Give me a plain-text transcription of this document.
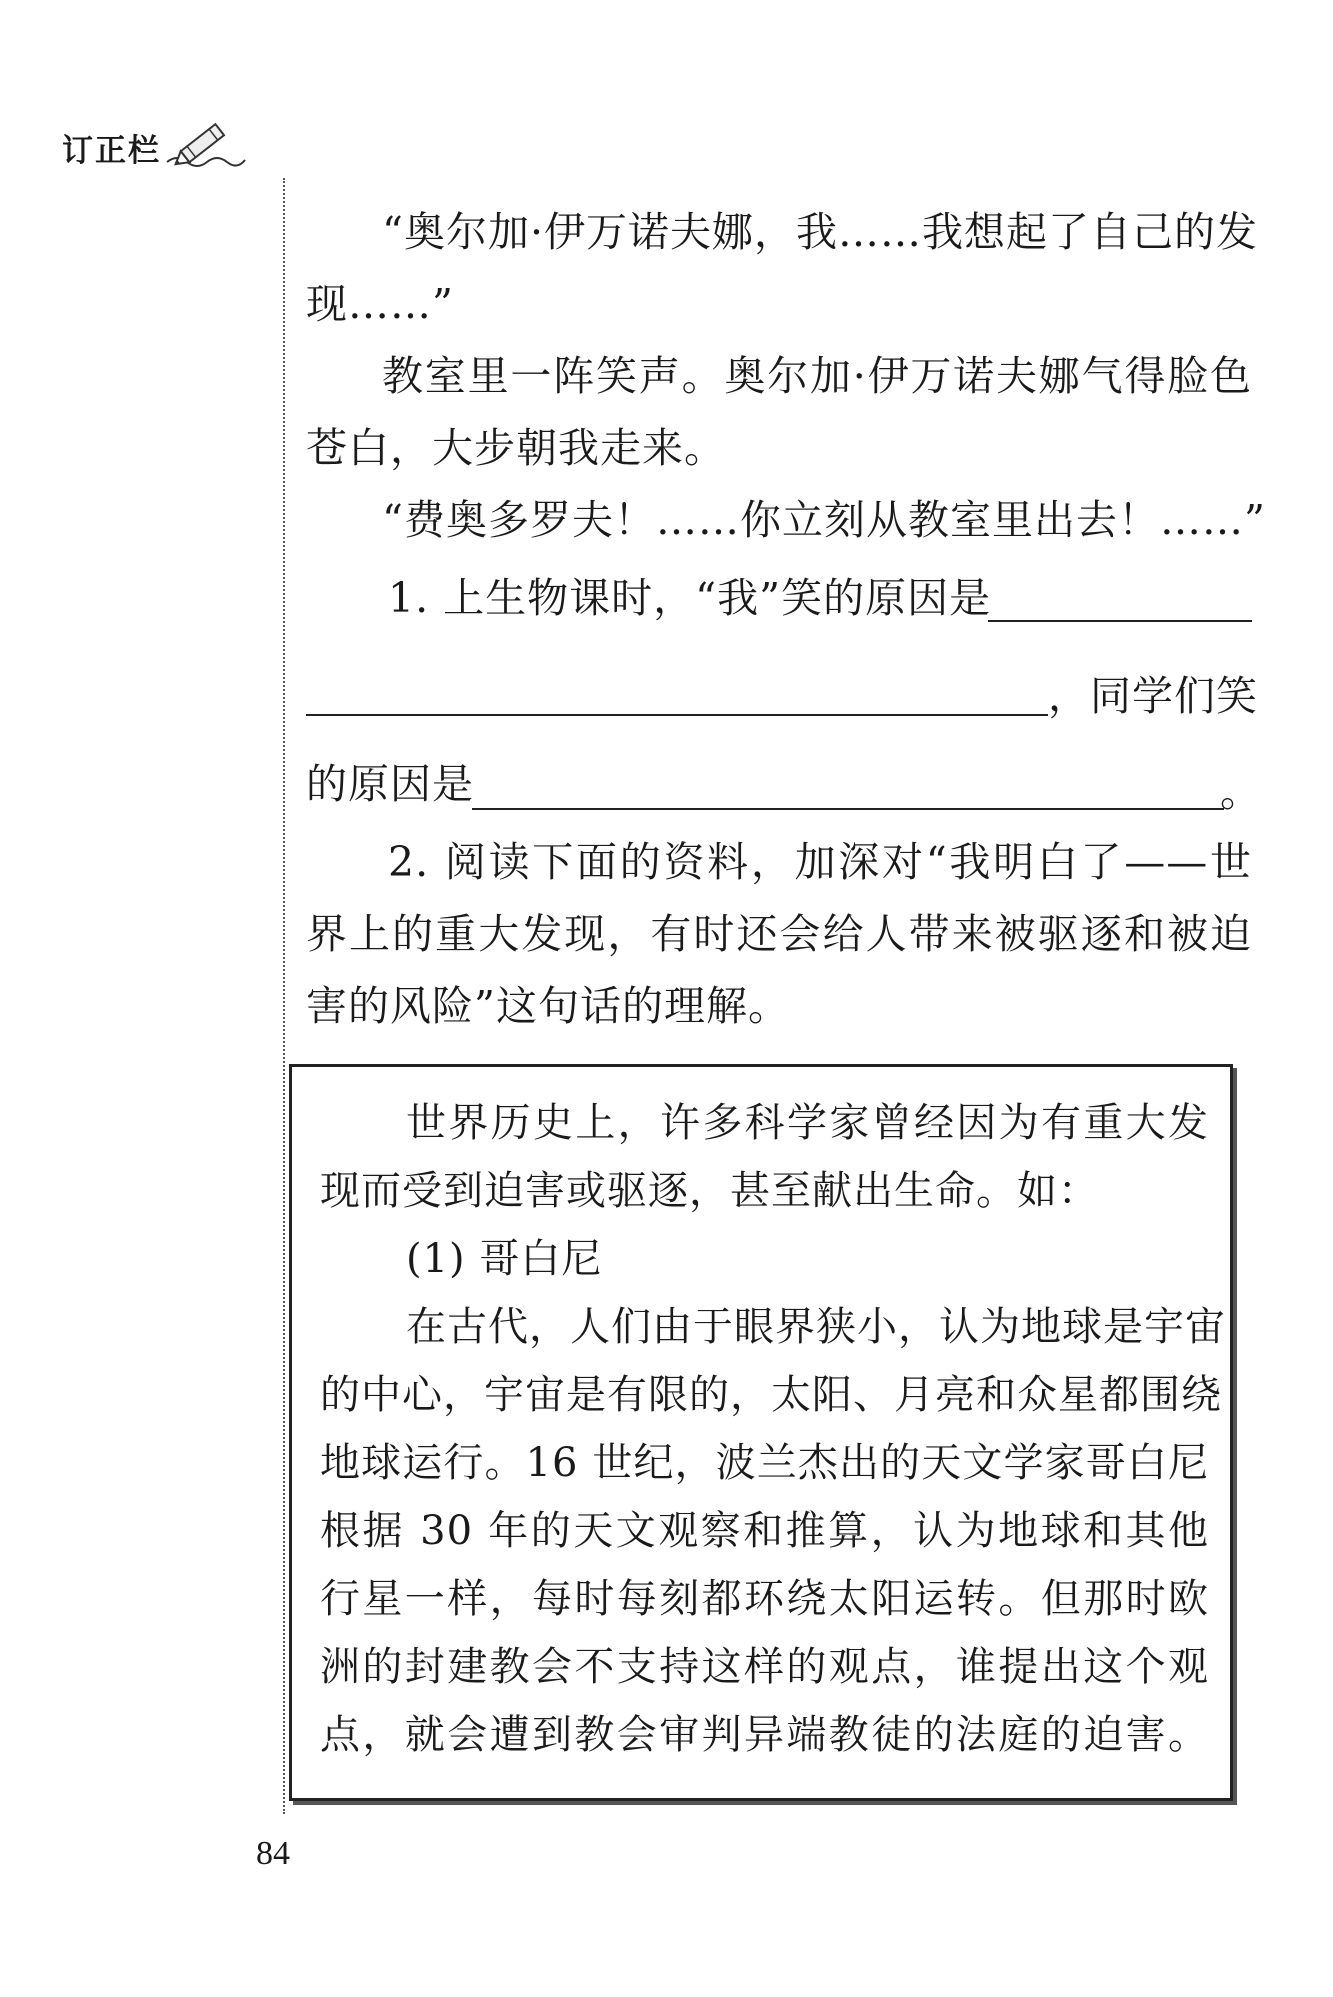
订正栏
“奥尔加·伊万诺夫娜，我……我想起了自己的发
现……”
教室里一阵笑声。奥尔加·伊万诺夫娜气得脸色
苍白，大步朝我走来。
“费奥多罗夫！……你立刻从教室里出去！……”
1. 上生物课时，“我”笑的原因是
，同学们笑
的原因是	。
2. 阅读下面的资料，加深对“我明白了——世
界上的重大发现，有时还会给人带来被驱逐和被迫
害的风险”这句话的理解。
世界历史上，许多科学家曾经因为有重大发
现而受到迫害或驱逐，甚至献出生命。如：
(1) 哥白尼
在古代，人们由于眼界狭小，认为地球是宇宙
的中心，宇宙是有限的，太阳、月亮和众星都围绕
地球运行。16 世纪，波兰杰出的天文学家哥白尼
根据 30 年的天文观察和推算，认为地球和其他
行星一样，每时每刻都环绕太阳运转。但那时欧
洲的封建教会不支持这样的观点，谁提出这个观
点，就会遭到教会审判异端教徒的法庭的迫害。
84
